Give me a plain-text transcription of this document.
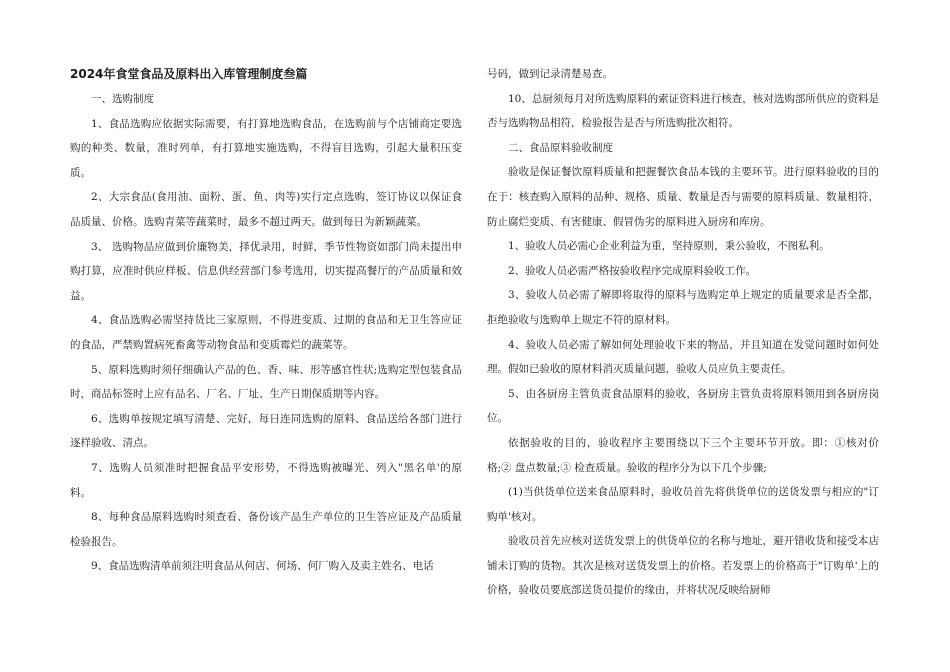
2024年食堂食品及原料出入库管理制度叁篇

一、选购制度

1、食品选购应依据实际需要，有打算地选购食品，在选购前与个店铺商定要选购的种类、数量，准时列单，有打算地实施选购，不得盲目选购，引起大量积压变质。

2、大宗食品(食用油、面粉、蛋、鱼、肉等)实行定点选购，签订协议以保证食品质量、价格。选购青菜等蔬菜时，最多不超过两天。做到每日为新颖蔬菜。

3、 选购物品应做到价廉物美，择优录用，时鲜，季节性物资如部门尚未提出申购打算，应准时供应样板、信息供经营部门参考选用，切实提高餐厅的产品质量和效益。

4、食品选购必需坚持货比三家原则，不得进变质、过期的食品和无卫生答应证的食品，严禁购置病死畜禽等动物食品和变质霉烂的蔬菜等。

5、原料选购时须仔细确认产品的色、香、味、形等感官性状;选购定型包装食品时，商品标签时上应有品名、厂名、厂址、生产日期保质期等内容。

6、选购单按规定填写清楚、完好，每日连同选购的原料、食品送给各部门进行逐样验收、清点。

7、选购人员须准时把握食品平安形势，不得选购被曝光、列入"黑名单'的原料。

8、每种食品原料选购时须查看、备份该产品生产单位的卫生答应证及产品质量检验报告。

9、食品选购清单前须注明食品从何店、何场、何厂购入及卖主姓名、电话

号码，做到记录清楚易查。

10、总厨须每月对所选购原料的索证资料进行核查，核对选购部所供应的资料是否与选购物品相符，检验报告是否与所选购批次相符。

二、食品原料验收制度

验收是保证餐饮原料质量和把握餐饮食品本钱的主要环节。进行原料验收的目的在于：核查购入原料的品种、规格、质量、数量是否与需要的原料质量、数量相符，防止腐烂变质、有害健康、假冒伪劣的原料进入厨房和库房。

1、验收人员必需心企业利益为重，坚持原则，秉公验收，不图私利。

2、验收人员必需严格按验收程序完成原料验收工作。

3、验收人员必需了解即将取得的原料与选购定单上规定的质量要求是否全都，拒绝验收与选购单上规定不符的原材料。

4、验收人员必需了解如何处理验收下来的物品，并且知道在发觉问题时如何处理。假如已验收的原材料消灭质量问题，验收人员应负主要责任。

5、由各厨房主管负责食品原料的验收，各厨房主管负责将原料领用到各厨房岗位。

依据验收的目的，验收程序主要围绕以下三个主要环节开放。即：①核对价格;② 盘点数量;③ 检查质量。验收的程序分为以下几个步骤;

(1)当供货单位送来食品原料时，验收员首先将供货单位的送货发票与相应的"订购单'核对。

验收员首先应核对送货发票上的供货单位的名称与地址，避开错收货和接受本店铺未订购的货物。其次是核对送货发票上的价格。若发票上的价格高于"订购单'上的价格，验收员要底部送货员提价的缘由，并将状况反映给厨师
